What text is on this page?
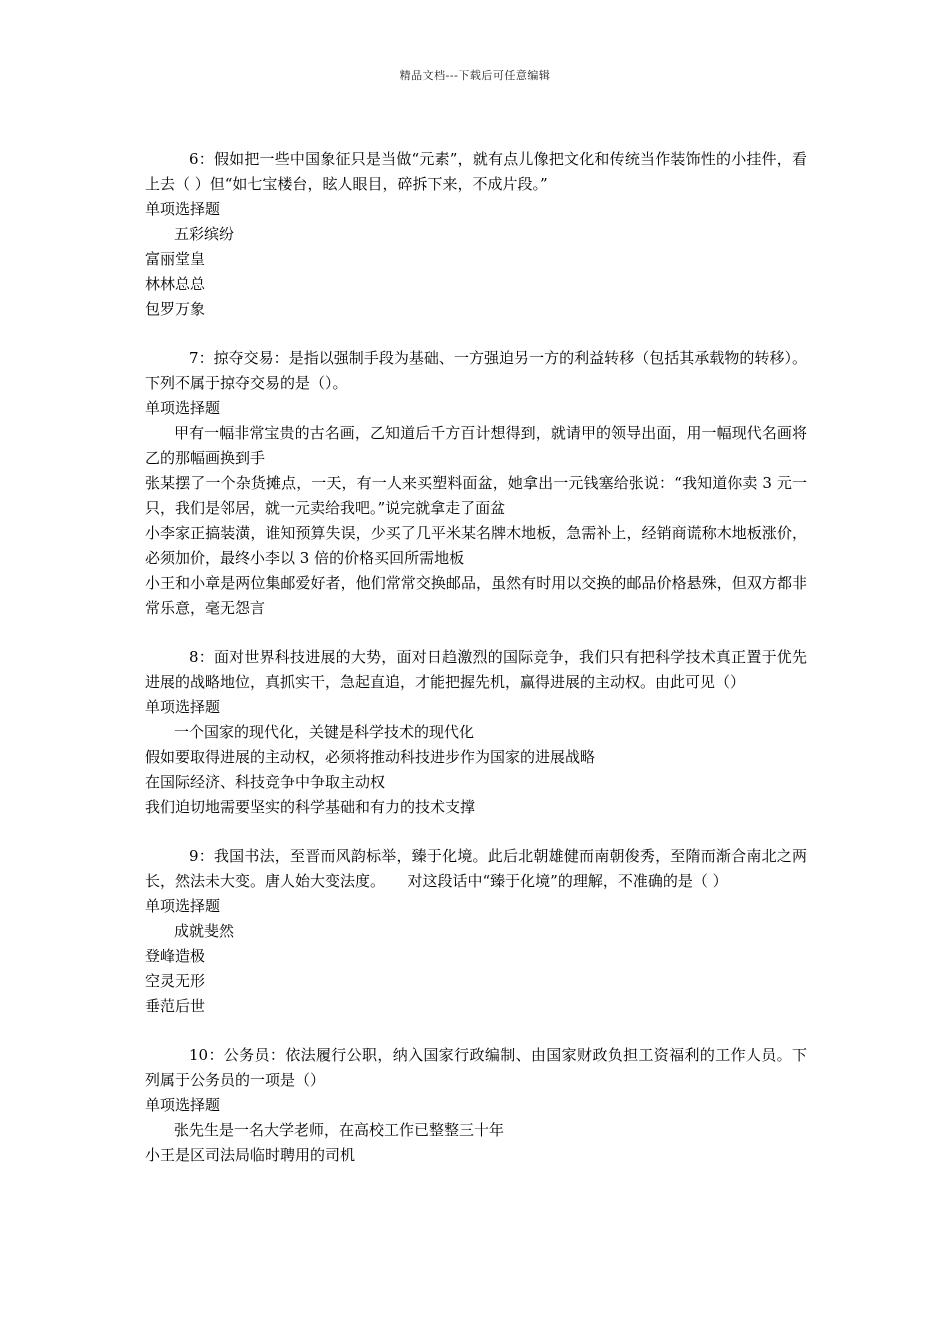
精品文档---下载后可任意编辑

6：假如把一些中国象征只是当做“元素”，就有点儿像把文化和传统当作装饰性的小挂件，看上去（ ）但“如七宝楼台，眩人眼目，碎拆下来，不成片段。”

单项选择题

五彩缤纷

富丽堂皇

林林总总

包罗万象

7：掠夺交易：是指以强制手段为基础、一方强迫另一方的利益转移（包括其承载物的转移）。下列不属于掠夺交易的是（）。

单项选择题

甲有一幅非常宝贵的古名画，乙知道后千方百计想得到，就请甲的领导出面，用一幅现代名画将乙的那幅画换到手

张某摆了一个杂货摊点，一天，有一人来买塑料面盆，她拿出一元钱塞给张说：“我知道你卖 3 元一只，我们是邻居，就一元卖给我吧。”说完就拿走了面盆

小李家正搞装潢，谁知预算失误，少买了几平米某名牌木地板，急需补上，经销商谎称木地板涨价，必须加价，最终小李以 3 倍的价格买回所需地板

小王和小章是两位集邮爱好者，他们常常交换邮品，虽然有时用以交换的邮品价格悬殊，但双方都非常乐意，毫无怨言

8：面对世界科技进展的大势，面对日趋激烈的国际竞争，我们只有把科学技术真正置于优先进展的战略地位，真抓实干，急起直追，才能把握先机，赢得进展的主动权。由此可见（）

单项选择题

一个国家的现代化，关键是科学技术的现代化

假如要取得进展的主动权，必须将推动科技进步作为国家的进展战略

在国际经济、科技竞争中争取主动权

我们迫切地需要坚实的科学基础和有力的技术支撑

9：我国书法，至晋而风韵标举，臻于化境。此后北朝雄健而南朝俊秀，至隋而渐合南北之两长，然法未大变。唐人始大变法度。　　对这段话中“臻于化境”的理解，不准确的是（ ）

单项选择题

成就斐然

登峰造极

空灵无形

垂范后世

10：公务员：依法履行公职，纳入国家行政编制、由国家财政负担工资福利的工作人员。下列属于公务员的一项是（）

单项选择题

张先生是一名大学老师，在高校工作已整整三十年

小王是区司法局临时聘用的司机
